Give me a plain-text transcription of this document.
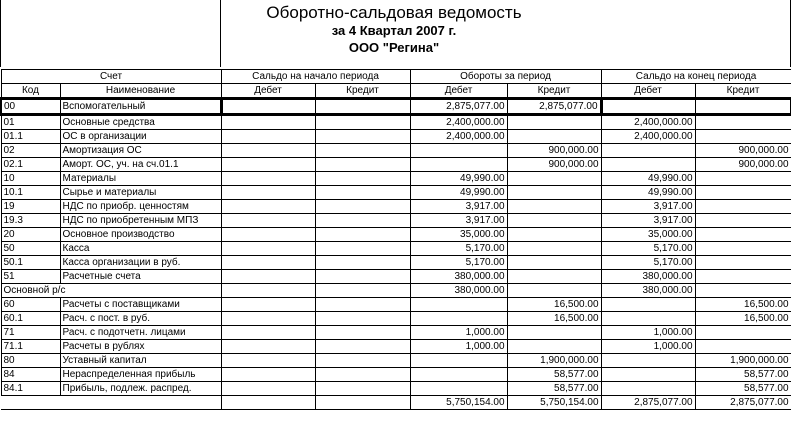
Оборотно-сальдовая ведомость
за 4 Квартал 2007 г.
ООО "Регина"
Счет		Сальдо на начало периода		Обороты за период		Сальдо на конец периода	
Код	Наименование	Дебет	Кредит	Дебет	Кредит	Дебет	Кредит
00	Вспомогательный			2,875,077.00	2,875,077.00		
01	Основные средства			2,400,000.00		2,400,000.00	
01.1	ОС в организации			2,400,000.00		2,400,000.00	
02	Амортизация ОС				900,000.00		900,000.00
02.1	Аморт. ОС, уч. на сч.01.1				900,000.00		900,000.00
10	Материалы			49,990.00		49,990.00	
10.1	Сырье и материалы			49,990.00		49,990.00	
19	НДС по приобр. ценностям			3,917.00		3,917.00	
19.3	НДС по приобретенным МПЗ			3,917.00		3,917.00	
20	Основное производство			35,000.00		35,000.00	
50	Касса			5,170.00		5,170.00	
50.1	Касса организации в руб.			5,170.00		5,170.00	
51	Расчетные счета			380,000.00		380,000.00	
Основной р/с				380,000.00		380,000.00	
60	Расчеты с поставщиками				16,500.00		16,500.00
60.1	Расч. с пост. в руб.				16,500.00		16,500.00
71	Расч. с подотчетн. лицами			1,000.00		1,000.00	
71.1	Расчеты в рублях			1,000.00		1,000.00	
80	Уставный капитал				1,900,000.00		1,900,000.00
84	Нераспределенная прибыль				58,577.00		58,577.00
84.1	Прибыль, подлеж. распред.				58,577.00		58,577.00
				5,750,154.00	5,750,154.00	2,875,077.00	2,875,077.00
